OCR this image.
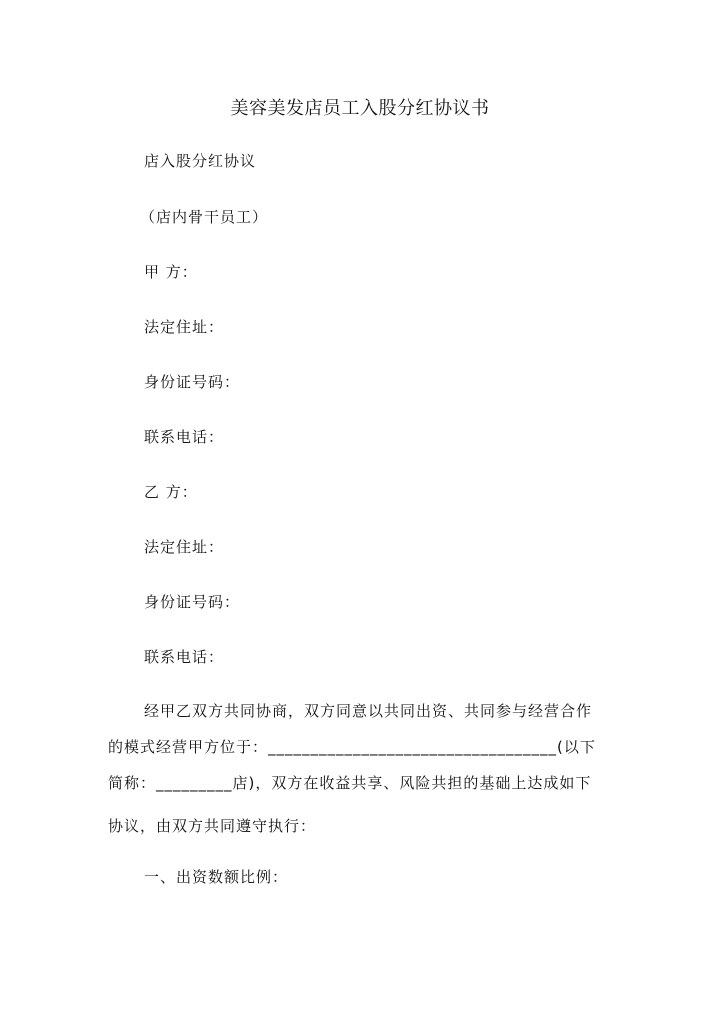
美容美发店员工入股分红协议书
店入股分红协议
（店内骨干员工）
甲 方：
法定住址：
身份证号码：
联系电话：
乙 方：
法定住址：
身份证号码：
联系电话：
经甲乙双方共同协商，双方同意以共同出资、共同参与经营合作
的模式经营甲方位于：__________________________________(以下
简称：_________店)，双方在收益共享、风险共担的基础上达成如下
协议，由双方共同遵守执行：
一、出资数额比例：
